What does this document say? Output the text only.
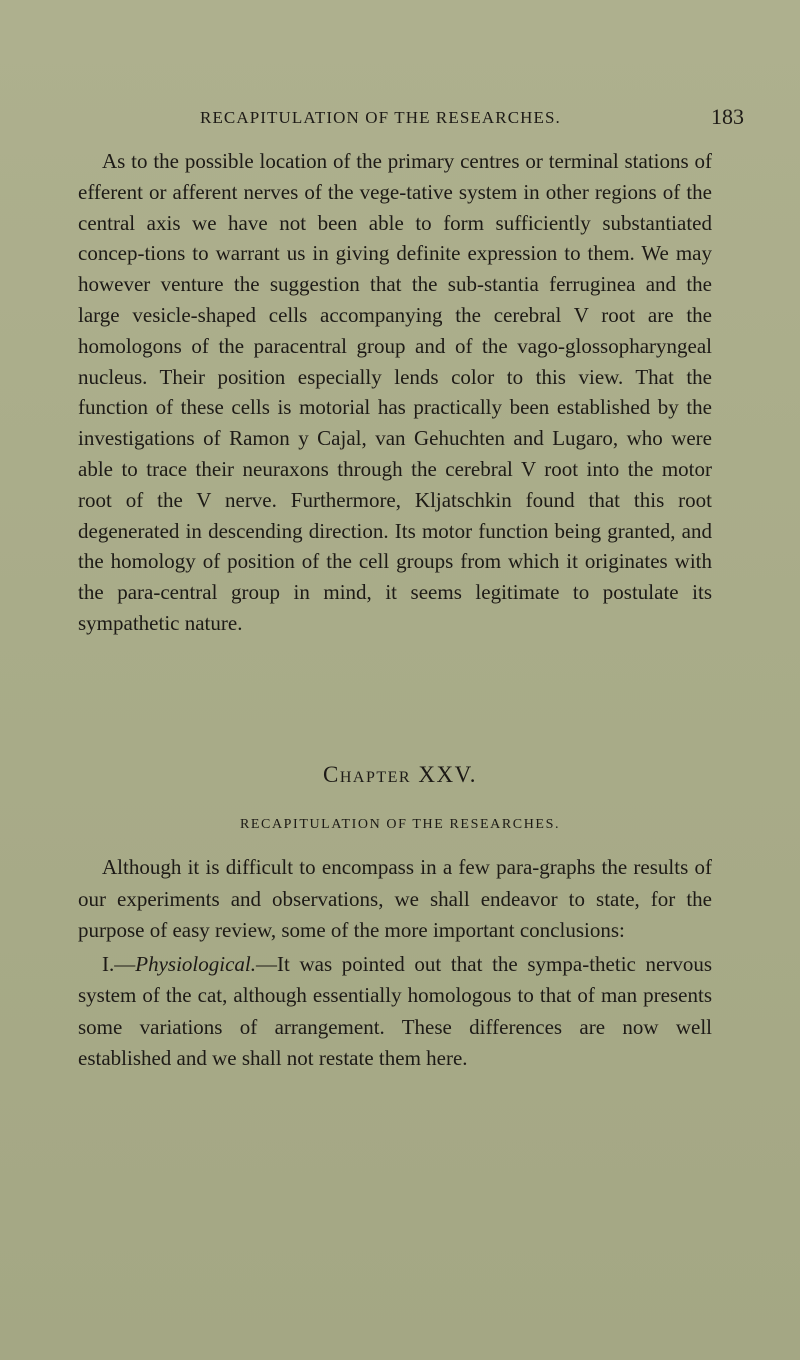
RECAPITULATION OF THE RESEARCHES.	183

As to the possible location of the primary centres or terminal stations of efferent or afferent nerves of the vege-tative system in other regions of the central axis we have not been able to form sufficiently substantiated concep-tions to warrant us in giving definite expression to them. We may however venture the suggestion that the sub-stantia ferruginea and the large vesicle-shaped cells accompanying the cerebral V root are the homologons of the paracentral group and of the vago-glossopharyngeal nucleus. Their position especially lends color to this view. That the function of these cells is motorial has practically been established by the investigations of Ramon y Cajal, van Gehuchten and Lugaro, who were able to trace their neuraxons through the cerebral V root into the motor root of the V nerve. Furthermore, Kljatschkin found that this root degenerated in descending direction. Its motor function being granted, and the homology of position of the cell groups from which it originates with the para-central group in mind, it seems legitimate to postulate its sympathetic nature.

Chapter XXV.
RECAPITULATION OF THE RESEARCHES.

Although it is difficult to encompass in a few para-graphs the results of our experiments and observations, we shall endeavor to state, for the purpose of easy review, some of the more important conclusions:

I.—Physiological.—It was pointed out that the sympa-thetic nervous system of the cat, although essentially homologous to that of man presents some variations of arrangement. These differences are now well established and we shall not restate them here.
